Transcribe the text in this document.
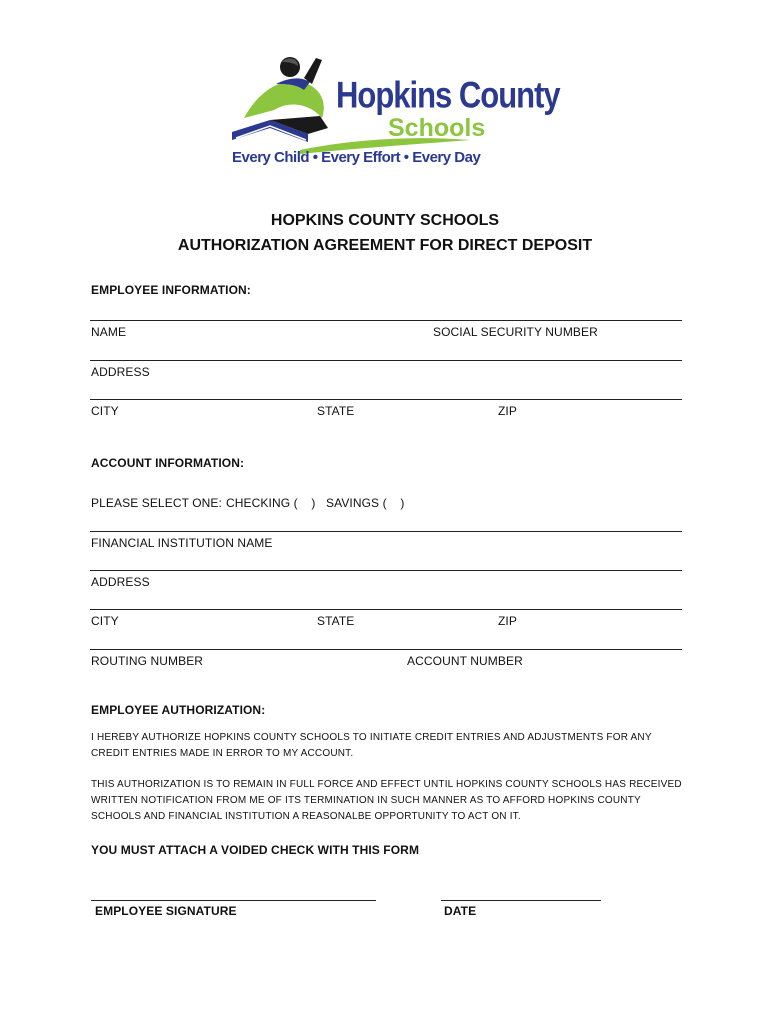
Hopkins County
Schools
Every Child • Every Effort • Every Day
HOPKINS COUNTY SCHOOLS
AUTHORIZATION AGREEMENT FOR DIRECT DEPOSIT
EMPLOYEE INFORMATION:
NAME	SOCIAL SECURITY NUMBER
ADDRESS
CITY	STATE	ZIP
ACCOUNT INFORMATION:
PLEASE SELECT ONE: CHECKING (    ) SAVINGS (    )
FINANCIAL INSTITUTION NAME
ADDRESS
CITY	STATE	ZIP
ROUTING NUMBER	ACCOUNT NUMBER
EMPLOYEE AUTHORIZATION:
I HEREBY AUTHORIZE HOPKINS COUNTY SCHOOLS TO INITIATE CREDIT ENTRIES AND ADJUSTMENTS FOR ANY
CREDIT ENTRIES MADE IN ERROR TO MY ACCOUNT.
THIS AUTHORIZATION IS TO REMAIN IN FULL FORCE AND EFFECT UNTIL HOPKINS COUNTY SCHOOLS HAS RECEIVED
WRITTEN NOTIFICATION FROM ME OF ITS TERMINATION IN SUCH MANNER AS TO AFFORD HOPKINS COUNTY
SCHOOLS AND FINANCIAL INSTITUTION A REASONALBE OPPORTUNITY TO ACT ON IT.
YOU MUST ATTACH A VOIDED CHECK WITH THIS FORM
EMPLOYEE SIGNATURE	DATE
